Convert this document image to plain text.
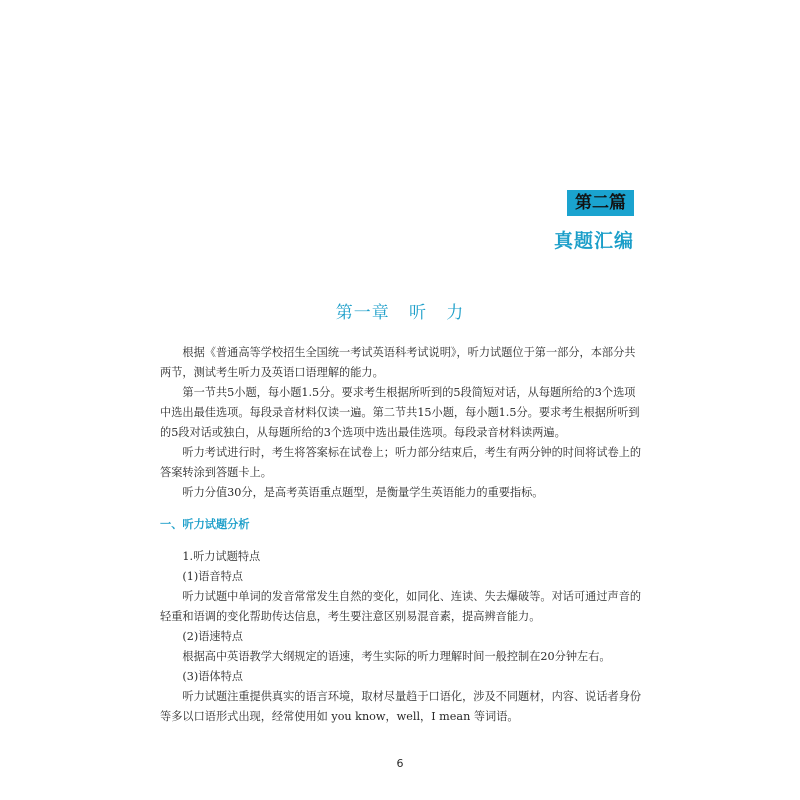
第二篇
真题汇编
第一章   听   力

根据《普通高等学校招生全国统一考试英语科考试说明》，听力试题位于第一部分，本部分共两节，测试考生听力及英语口语理解的能力。

第一节共5小题，每小题1.5分。要求考生根据所听到的5段简短对话，从每题所给的3个选项中选出最佳选项。每段录音材料仅读一遍。第二节共15小题，每小题1.5分。要求考生根据所听到的5段对话或独白，从每题所给的3个选项中选出最佳选项。每段录音材料读两遍。

听力考试进行时，考生将答案标在试卷上；听力部分结束后，考生有两分钟的时间将试卷上的答案转涂到答题卡上。

听力分值30分，是高考英语重点题型，是衡量学生英语能力的重要指标。

一、听力试题分析

1.听力试题特点

(1)语音特点

听力试题中单词的发音常常发生自然的变化，如同化、连读、失去爆破等。对话可通过声音的轻重和语调的变化帮助传达信息，考生要注意区别易混音素，提高辨音能力。

(2)语速特点

根据高中英语教学大纲规定的语速，考生实际的听力理解时间一般控制在20分钟左右。

(3)语体特点

听力试题注重提供真实的语言环境，取材尽量趋于口语化，涉及不同题材，内容、说话者身份等多以口语形式出现，经常使用如 you know，well，I mean 等词语。

6
